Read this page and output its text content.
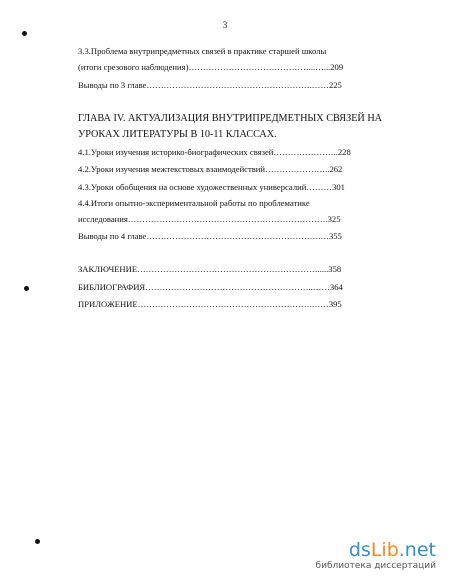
3
3.3.Проблема внутрипредметных связей в практике старшей школы
(итоги срезового наблюдения)……………………………………...…...209
Выводы по 3 главе………………………………………………….……225
ГЛАВА IV. АКТУАЛИЗАЦИЯ ВНУТРИПРЕДМЕТНЫХ СВЯЗЕЙ НА
УРОКАХ ЛИТЕРАТУРЫ В 10-11 КЛАССАХ.
4.1.Уроки изучения историко-биографических связей…………………..228
4.2.Уроки изучения межтекстовых взаимодействий…………………..262
4.3.Уроки обобщения на основе художественных универсалий………301
4.4.Итоги опытно-экспериментальной работы по проблематике
исследования…………………………………………………………….325
Выводы по 4 главе…………………………………………………….…355
ЗАКЛЮЧЕНИЕ……………………………………………………….....358
БИБЛИОГРАФИЯ…………………………………………………..……364
ПРИЛОЖЕНИЕ…………………………………………………….……395
dsLib.net
библиотека диссертаций
